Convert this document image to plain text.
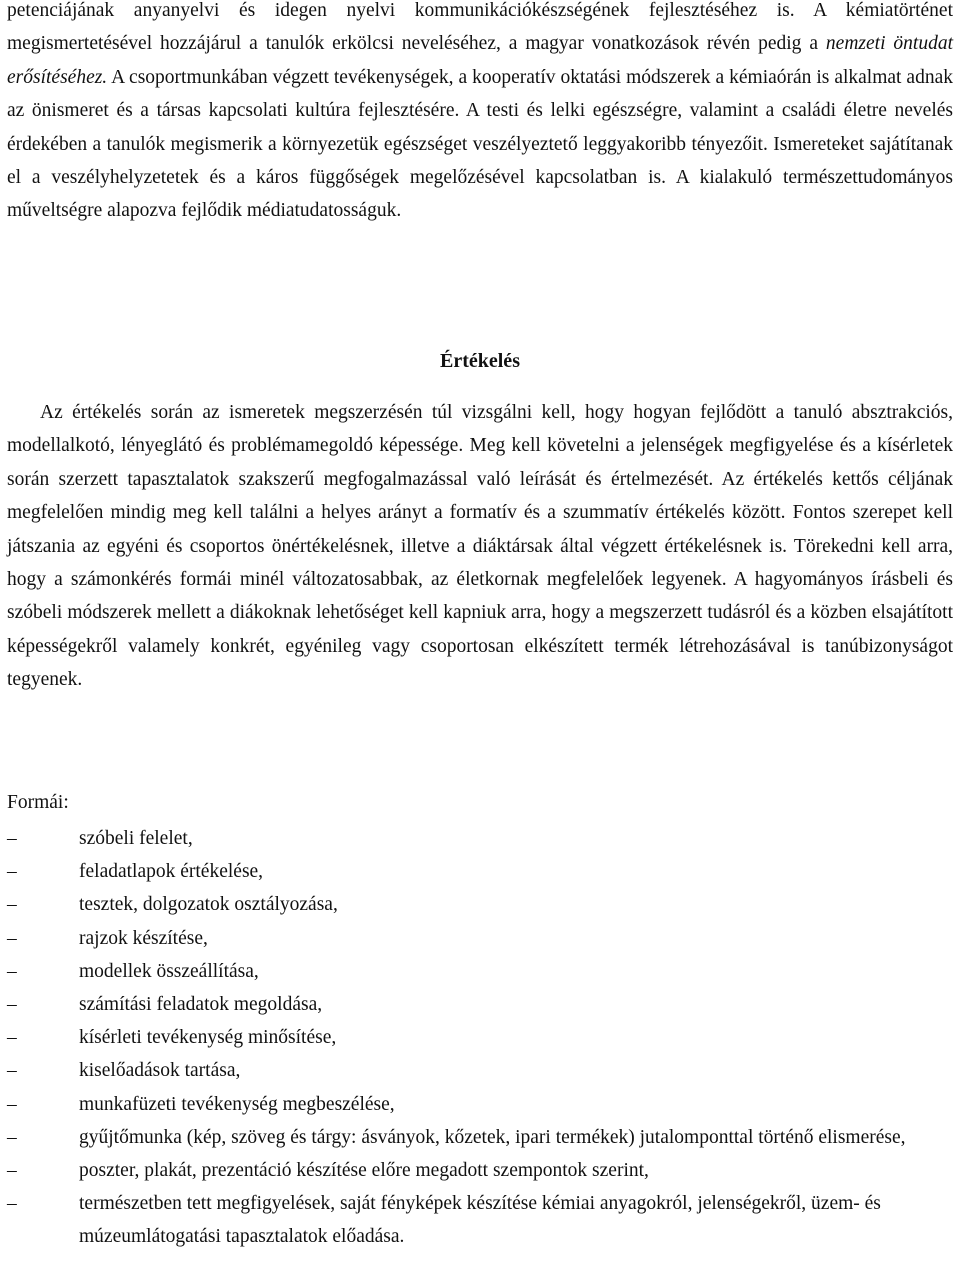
petenciájának anyanyelvi és idegen nyelvi kommunikációkészségének fejlesztéséhez is. A kémiatörténet megismertetésével hozzájárul a tanulók erkölcsi neveléséhez, a magyar vonatkozások révén pedig a nemzeti öntudat erősítéséhez. A csoportmunkában végzett tevékenységek, a kooperatív oktatási módszerek a kémiaórán is alkalmat adnak az önismeret és a társas kapcsolati kultúra fejlesztésére. A testi és lelki egészségre, valamint a családi életre nevelés érdekében a tanulók megismerik a környezetük egészséget veszélyeztető leggyakoribb tényezőit. Ismereteket sajátítanak el a veszélyhelyzetetek és a káros függőségek megelőzésével kapcsolatban is. A kialakuló természettudományos műveltségre alapozva fejlődik médiatudatosságuk.

Értékelés

Az értékelés során az ismeretek megszerzésén túl vizsgálni kell, hogy hogyan fejlődött a tanuló absztrakciós, modellalkotó, lényeglátó és problémamegoldó képessége. Meg kell követelni a jelenségek megfigyelése és a kísérletek során szerzett tapasztalatok szakszerű megfogalmazással való leírását és értelmezését. Az értékelés kettős céljának megfelelően mindig meg kell találni a helyes arányt a formatív és a szummatív értékelés között. Fontos szerepet kell játszania az egyéni és csoportos önértékelésnek, illetve a diáktársak által végzett értékelésnek is. Törekedni kell arra, hogy a számonkérés formái minél változatosabbak, az életkornak megfelelőek legyenek. A hagyományos írásbeli és szóbeli módszerek mellett a diákoknak lehetőséget kell kapniuk arra, hogy a megszerzett tudásról és a közben elsajátított képességekről valamely konkrét, egyénileg vagy csoportosan elkészített termék létrehozásával is tanúbizonyságot tegyenek.

Formái:

–	szóbeli felelet,
–	feladatlapok értékelése,
–	tesztek, dolgozatok osztályozása,
–	rajzok készítése,
–	modellek összeállítása,
–	számítási feladatok megoldása,
–	kísérleti tevékenység minősítése,
–	kiselőadások tartása,
–	munkafüzeti tevékenység megbeszélése,
–	gyűjtőmunka (kép, szöveg és tárgy: ásványok, kőzetek, ipari termékek) jutalomponttal történő elismerése,
–	poszter, plakát, prezentáció készítése előre megadott szempontok szerint,
–	természetben tett megfigyelések, saját fényképek készítése kémiai anyagokról, jelenségekről, üzem- és múzeumlátogatási tapasztalatok előadása.
